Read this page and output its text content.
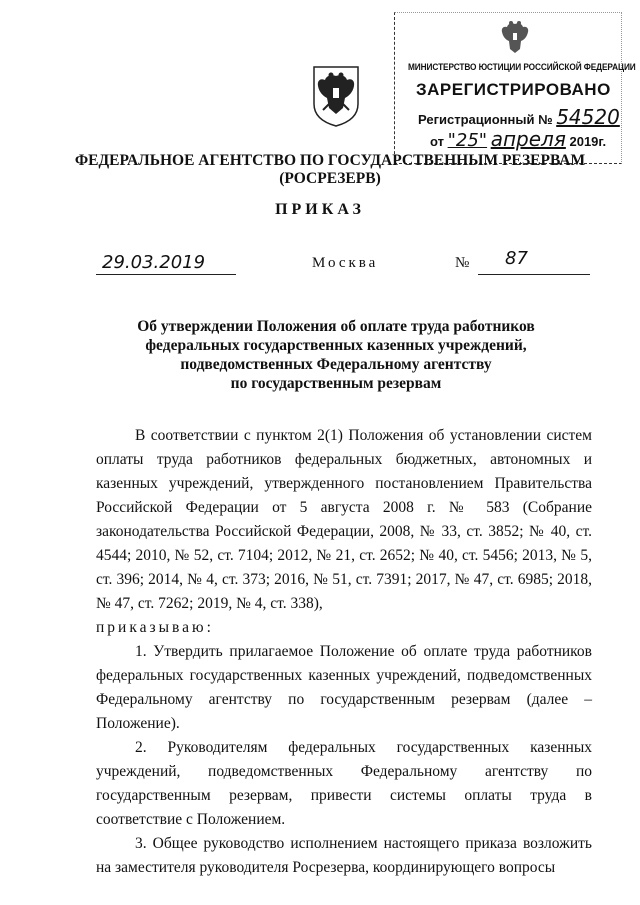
МИНИСТЕРСТВО ЮСТИЦИИ РОССИЙСКОЙ ФЕДЕРАЦИИ
ЗАРЕГИСТРИРОВАНО
Регистрационный № 54520
от "25" апреля 2019г.
ФЕДЕРАЛЬНОЕ АГЕНТСТВО ПО ГОСУДАРСТВЕННЫМ РЕЗЕРВАМ
(РОСРЕЗЕРВ)
ПРИКАЗ
29.03.2019	Москва	№ 87
Об утверждении Положения об оплате труда работников
федеральных государственных казенных учреждений,
подведомственных Федеральному агентству
по государственным резервам

В соответствии с пунктом 2(1) Положения об установлении систем оплаты труда работников федеральных бюджетных, автономных и казенных учреждений, утвержденного постановлением Правительства Российской Федерации от 5 августа 2008 г. № 583 (Собрание законодательства Российской Федерации, 2008, № 33, ст. 3852; № 40, ст. 4544; 2010, № 52, ст. 7104; 2012, № 21, ст. 2652; № 40, ст. 5456; 2013, № 5, ст. 396; 2014, № 4, ст. 373; 2016, № 51, ст. 7391; 2017, № 47, ст. 6985; 2018, № 47, ст. 7262; 2019, № 4, ст. 338),

приказываю:

1. Утвердить прилагаемое Положение об оплате труда работников федеральных государственных казенных учреждений, подведомственных Федеральному агентству по государственным резервам (далее – Положение).

2. Руководителям федеральных государственных казенных учреждений, подведомственных Федеральному агентству по государственным резервам, привести системы оплаты труда в соответствие с Положением.

3. Общее руководство исполнением настоящего приказа возложить на заместителя руководителя Росрезерва, координирующего вопросы
